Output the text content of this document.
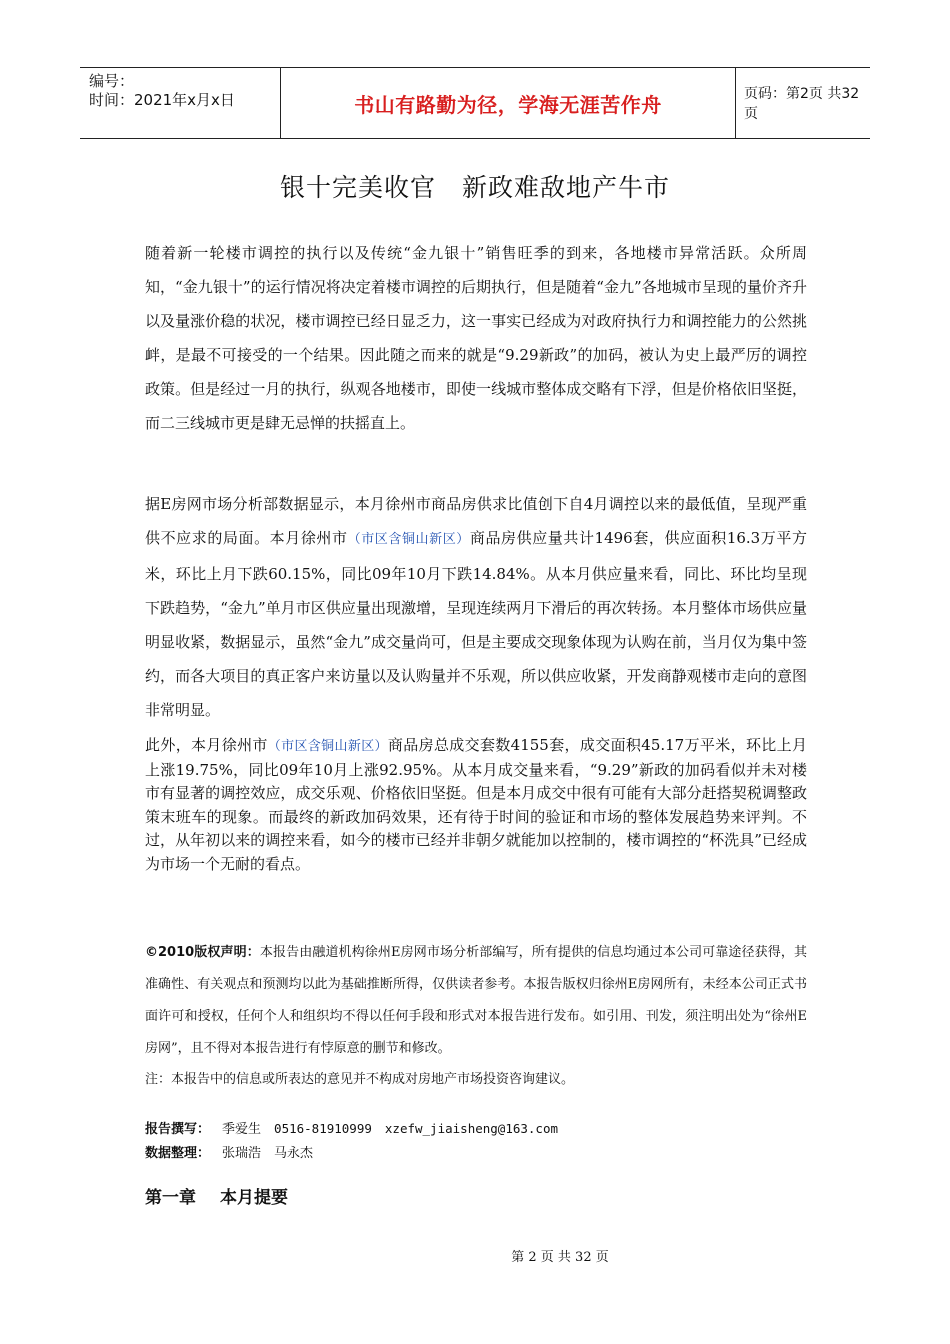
编号：
时间：2021年x月x日	书山有路勤为径，学海无涯苦作舟	页码：第2页 共32页
银十完美收官　新政难敌地产牛市

随着新一轮楼市调控的执行以及传统“金九银十”销售旺季的到来，各地楼市异常活跃。众所周知，“金九银十”的运行情况将决定着楼市调控的后期执行，但是随着“金九”各地城市呈现的量价齐升以及量涨价稳的状况，楼市调控已经日显乏力，这一事实已经成为对政府执行力和调控能力的公然挑衅，是最不可接受的一个结果。因此随之而来的就是“9.29新政”的加码，被认为史上最严厉的调控政策。但是经过一月的执行，纵观各地楼市，即使一线城市整体成交略有下浮，但是价格依旧坚挺，而二三线城市更是肆无忌惮的扶摇直上。

据E房网市场分析部数据显示，本月徐州市商品房供求比值创下自4月调控以来的最低值，呈现严重供不应求的局面。本月徐州市（市区含铜山新区）商品房供应量共计1496套，供应面积16.3万平方米，环比上月下跌60.15%，同比09年10月下跌14.84%。从本月供应量来看，同比、环比均呈现下跌趋势，“金九”单月市区供应量出现激增，呈现连续两月下滑后的再次转扬。本月整体市场供应量明显收紧，数据显示，虽然“金九”成交量尚可，但是主要成交现象体现为认购在前，当月仅为集中签约，而各大项目的真正客户来访量以及认购量并不乐观，所以供应收紧，开发商静观楼市走向的意图非常明显。

此外，本月徐州市（市区含铜山新区）商品房总成交套数4155套，成交面积45.17万平米，环比上月上涨19.75%，同比09年10月上涨92.95%。从本月成交量来看，“9.29”新政的加码看似并未对楼市有显著的调控效应，成交乐观、价格依旧坚挺。但是本月成交中很有可能有大部分赶搭契税调整政策末班车的现象。而最终的新政加码效果，还有待于时间的验证和市场的整体发展趋势来评判。不过，从年初以来的调控来看，如今的楼市已经并非朝夕就能加以控制的，楼市调控的“杯洗具”已经成为市场一个无耐的看点。

©2010版权声明：本报告由融道机构徐州E房网市场分析部编写，所有提供的信息均通过本公司可靠途径获得，其准确性、有关观点和预测均以此为基础推断所得，仅供读者参考。本报告版权归徐州E房网所有，未经本公司正式书面许可和授权，任何个人和组织均不得以任何手段和形式对本报告进行发布。如引用、刊发，须注明出处为“徐州E房网”，且不得对本报告进行有悖原意的删节和修改。

注：本报告中的信息或所表达的意见并不构成对房地产市场投资咨询建议。
报告撰写： 季爱生　 0516-81910999　 xzefw_jiaisheng@163.com
数据整理： 张瑞浩　马永杰
第一章 本月提要
第 2 页 共 32 页
